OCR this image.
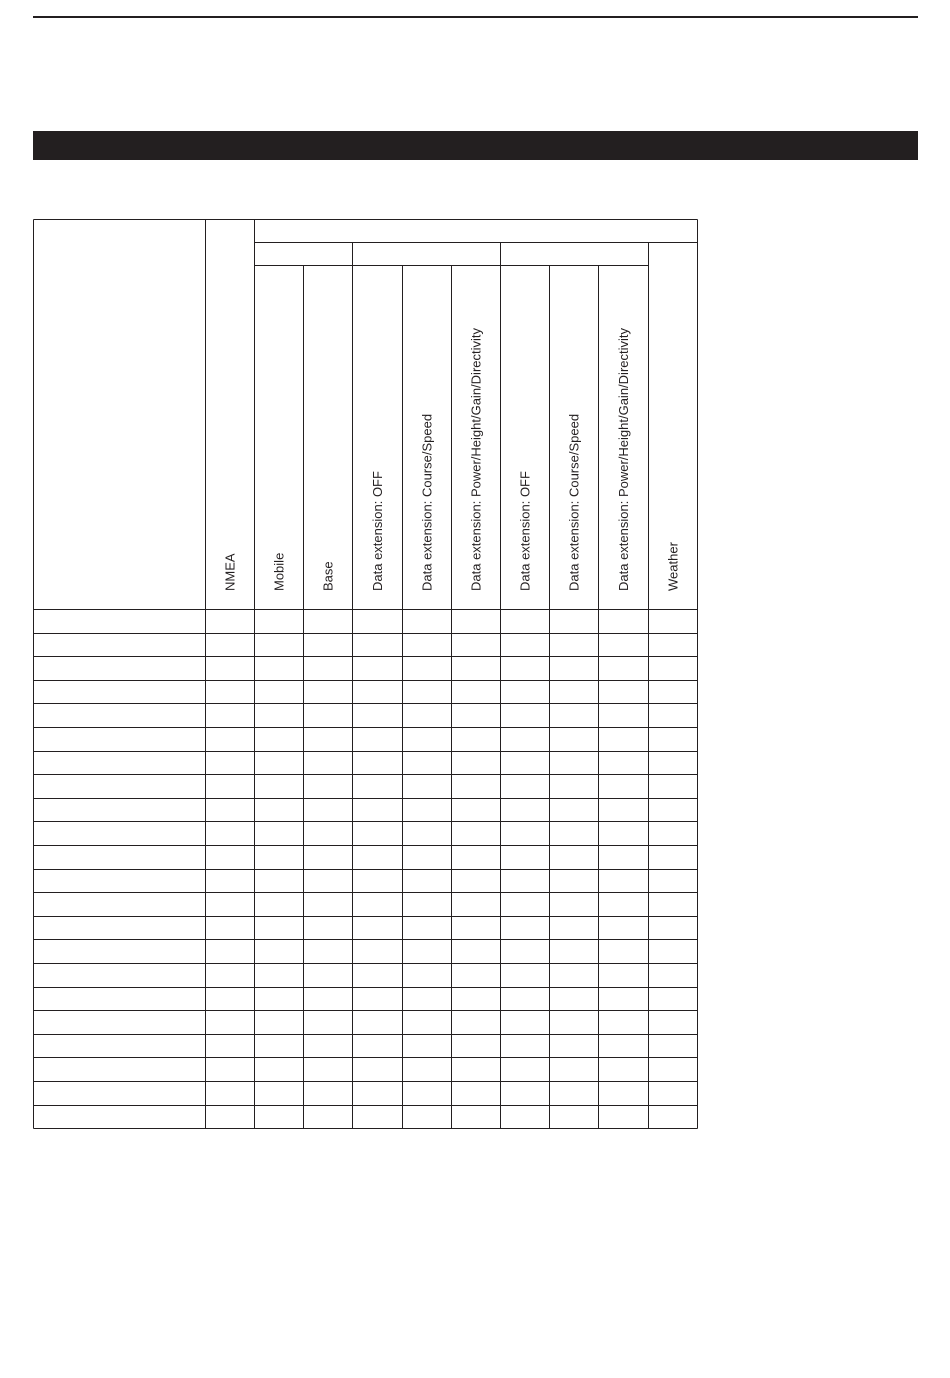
NMEA	Mobile	Base	Data extension: OFF	Data extension: Course/Speed	Data extension: Power/Height/Gain/Directivity	Data extension: OFF	Data extension: Course/Speed	Data extension: Power/Height/Gain/Directivity	Weather
